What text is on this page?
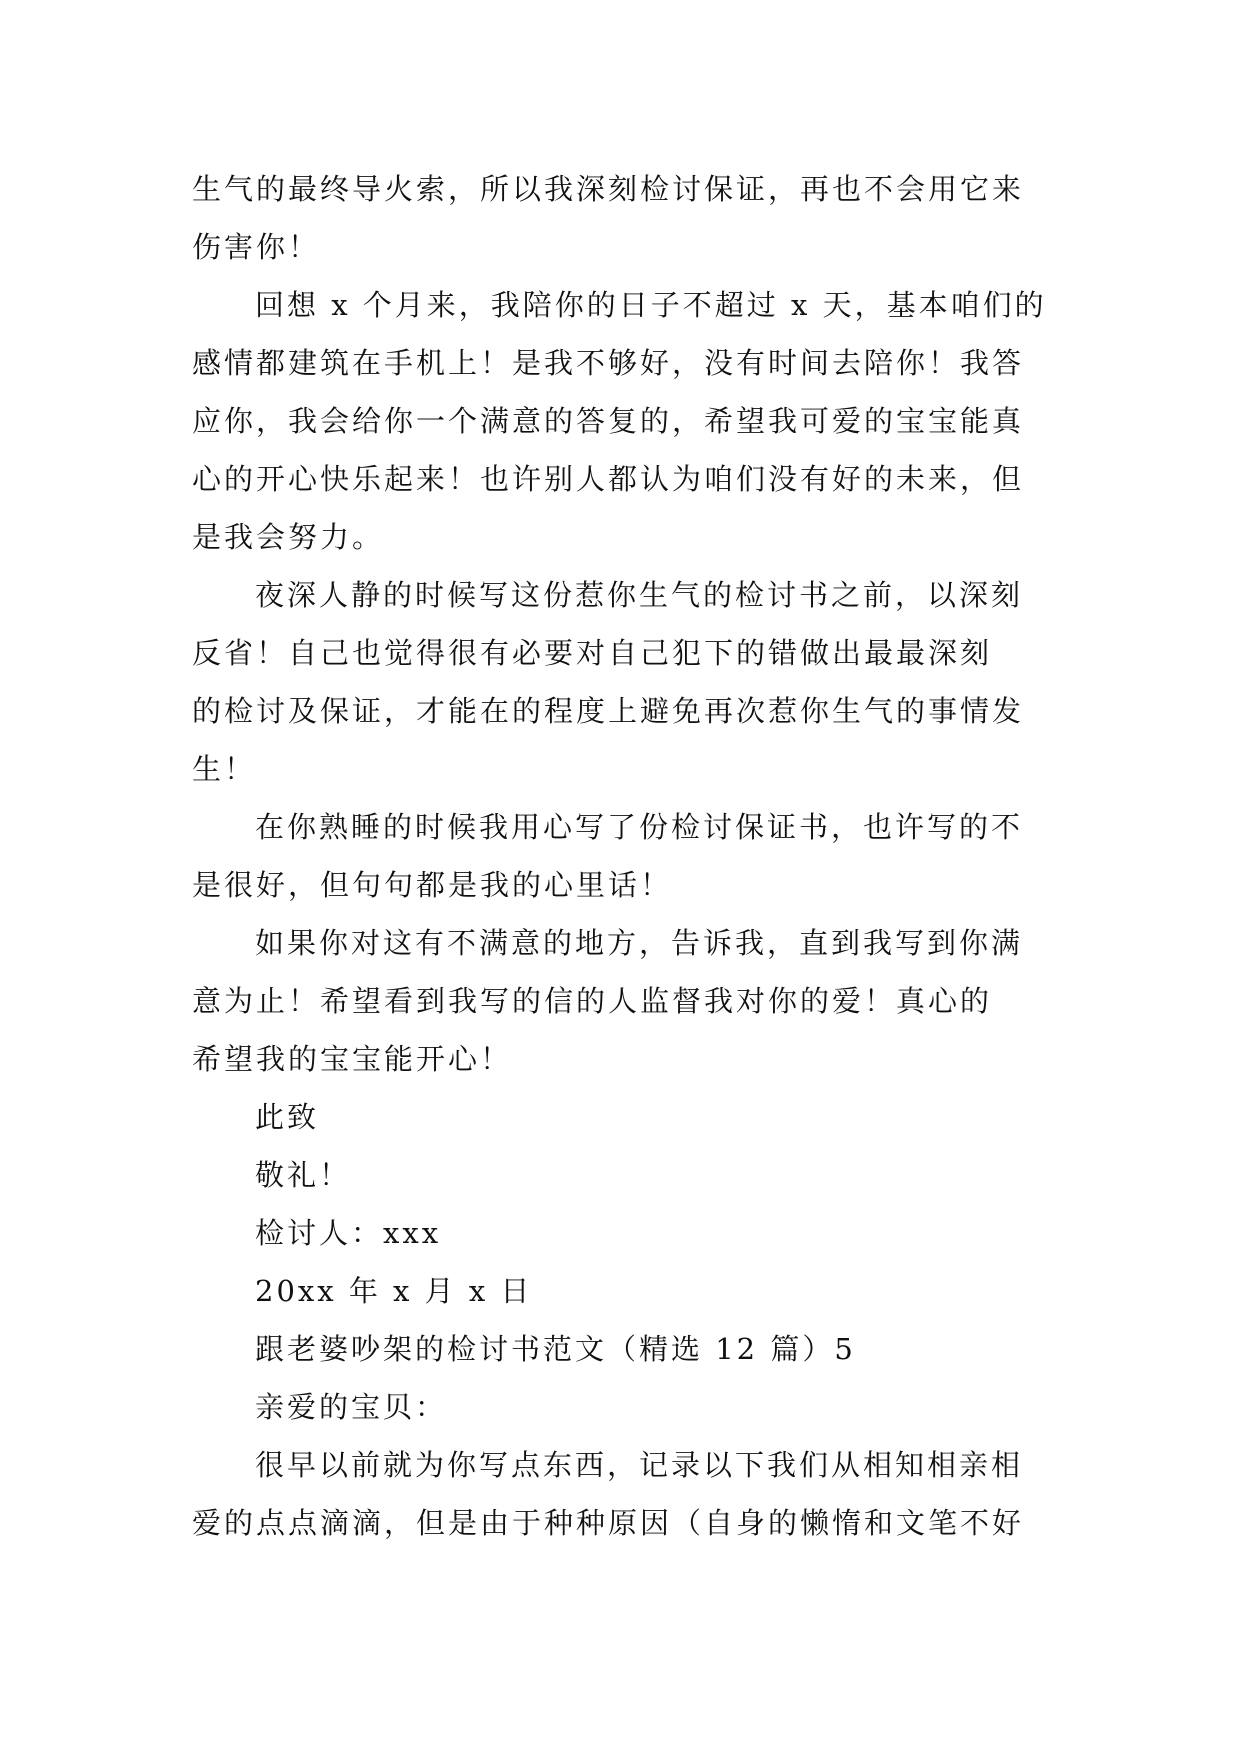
生气的最终导火索，所以我深刻检讨保证，再也不会用它来
伤害你！
回想 x 个月来，我陪你的日子不超过 x 天，基本咱们的
感情都建筑在手机上！是我不够好，没有时间去陪你！我答
应你，我会给你一个满意的答复的，希望我可爱的宝宝能真
心的开心快乐起来！也许别人都认为咱们没有好的未来，但
是我会努力。
夜深人静的时候写这份惹你生气的检讨书之前，以深刻
反省！自己也觉得很有必要对自己犯下的错做出最最深刻
的检讨及保证，才能在的程度上避免再次惹你生气的事情发
生！
在你熟睡的时候我用心写了份检讨保证书，也许写的不
是很好，但句句都是我的心里话！
如果你对这有不满意的地方，告诉我，直到我写到你满
意为止！希望看到我写的信的人监督我对你的爱！真心的
希望我的宝宝能开心！
此致
敬礼！
检讨人：xxx
20xx 年 x 月 x 日
跟老婆吵架的检讨书范文（精选 12 篇）5
亲爱的宝贝：
很早以前就为你写点东西，记录以下我们从相知相亲相
爱的点点滴滴，但是由于种种原因（自身的懒惰和文笔不好
